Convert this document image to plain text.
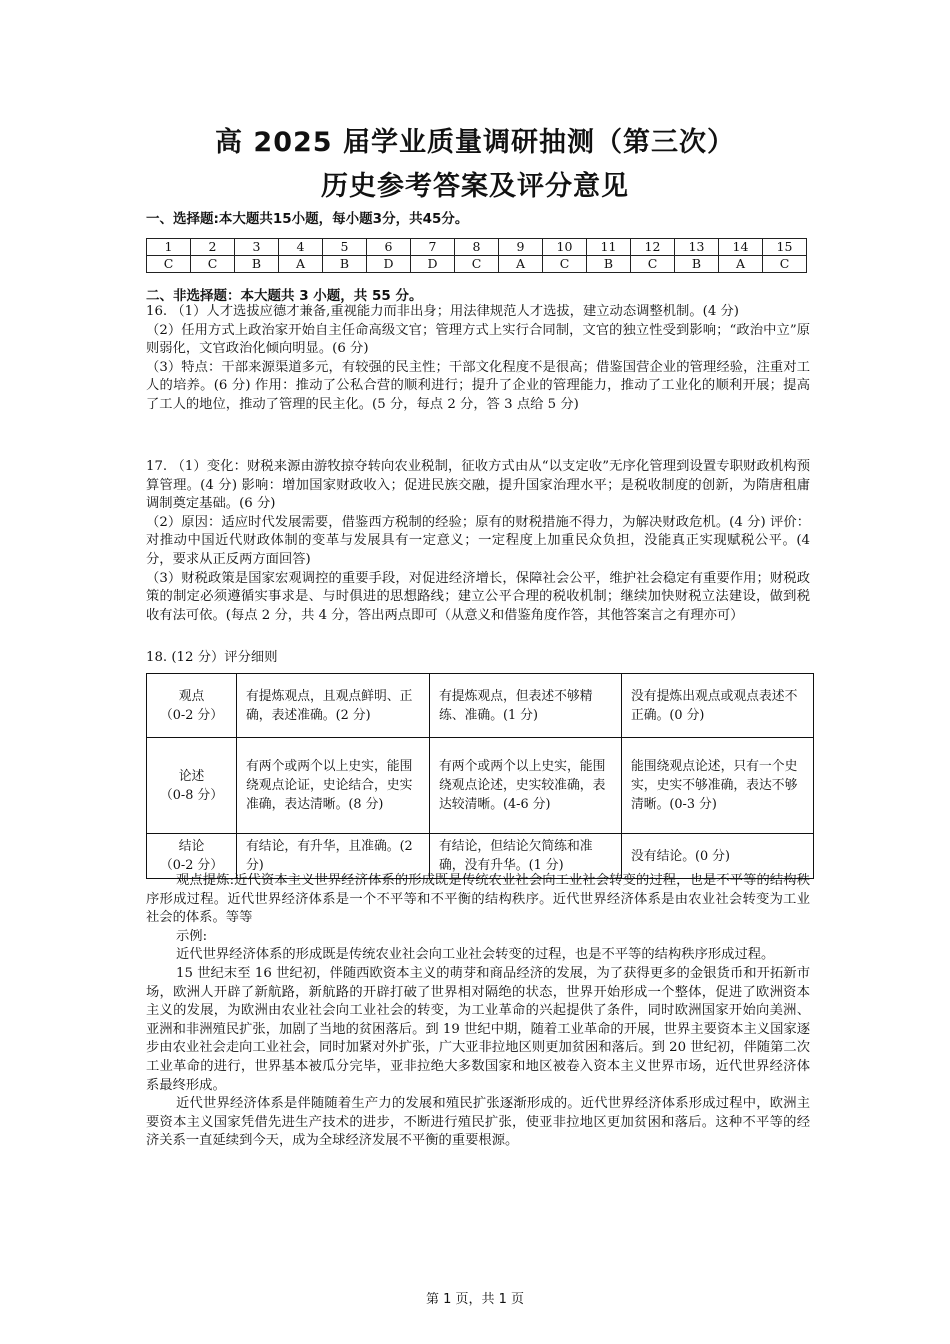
高 2025 届学业质量调研抽测（第三次）
历史参考答案及评分意见
一、选择题:本大题共15小题，每小题3分，共45分。
1	2	3	4	5	6	7	8	9	10	11	12	13	14	15
C	C	B	A	B	D	D	C	A	C	B	C	B	A	C
二、非选择题：本大题共 3 小题，共 55 分。
16. （1）人才选拔应德才兼备,重视能力而非出身；用法律规范人才选拔，建立动态调整机制。(4 分)
（2）任用方式上政治家开始自主任命高级文官；管理方式上实行合同制，文官的独立性受到影响；“政治中立”原则弱化，文官政治化倾向明显。(6 分)
（3）特点：干部来源渠道多元，有较强的民主性；干部文化程度不是很高；借鉴国营企业的管理经验，注重对工人的培养。(6 分) 作用：推动了公私合营的顺利进行；提升了企业的管理能力，推动了工业化的顺利开展；提高了工人的地位，推动了管理的民主化。(5 分，每点 2 分，答 3 点给 5 分)
17. （1）变化：财税来源由游牧掠夺转向农业税制，征收方式由从“以支定收”无序化管理到设置专职财政机构预算管理。(4 分) 影响：增加国家财政收入；促进民族交融，提升国家治理水平；是税收制度的创新，为隋唐租庸调制奠定基础。(6 分)
（2）原因：适应时代发展需要，借鉴西方税制的经验；原有的财税措施不得力，为解决财政危机。(4 分) 评价：对推动中国近代财政体制的变革与发展具有一定意义；一定程度上加重民众负担，没能真正实现赋税公平。(4 分，要求从正反两方面回答)
（3）财税政策是国家宏观调控的重要手段，对促进经济增长，保障社会公平，维护社会稳定有重要作用；财税政策的制定必须遵循实事求是、与时俱进的思想路线；建立公平合理的税收机制；继续加快财税立法建设，做到税收有法可依。(每点 2 分，共 4 分，答出两点即可（从意义和借鉴角度作答，其他答案言之有理亦可）
18. (12 分）评分细则
观点
（0-2 分）	有提炼观点，且观点鲜明、正确，表述准确。(2 分)	有提炼观点，但表述不够精练、准确。(1 分)	没有提炼出观点或观点表述不正确。(0 分)

论述
（0-8 分）	有两个或两个以上史实，能围绕观点论证，史论结合，史实准确，表达清晰。(8 分)	有两个或两个以上史实，能围绕观点论述，史实较准确，表达较清晰。(4-6 分)	能围绕观点论述，只有一个史实，史实不够准确，表达不够清晰。(0-3 分)

结论
（0-2 分）	有结论，有升华，且准确。(2 分)	有结论，但结论欠简练和准确，没有升华。(1 分)	没有结论。(0 分)
观点提炼:近代资本主义世界经济体系的形成既是传统农业社会向工业社会转变的过程，也是不平等的结构秩序形成过程。近代世界经济体系是一个不平等和不平衡的结构秩序。近代世界经济体系是由农业社会转变为工业社会的体系。等等
示例:
近代世界经济体系的形成既是传统农业社会向工业社会转变的过程，也是不平等的结构秩序形成过程。
15 世纪末至 16 世纪初，伴随西欧资本主义的萌芽和商品经济的发展，为了获得更多的金银货币和开拓新市场，欧洲人开辟了新航路，新航路的开辟打破了世界相对隔绝的状态，世界开始形成一个整体，促进了欧洲资本主义的发展，为欧洲由农业社会向工业社会的转变，为工业革命的兴起提供了条件，同时欧洲国家开始向美洲、亚洲和非洲殖民扩张，加剧了当地的贫困落后。到 19 世纪中期，随着工业革命的开展，世界主要资本主义国家逐步由农业社会走向工业社会，同时加紧对外扩张，广大亚非拉地区则更加贫困和落后。到 20 世纪初，伴随第二次工业革命的进行，世界基本被瓜分完毕，亚非拉绝大多数国家和地区被卷入资本主义世界市场，近代世界经济体系最终形成。
近代世界经济体系是伴随随着生产力的发展和殖民扩张逐渐形成的。近代世界经济体系形成过程中，欧洲主要资本主义国家凭借先进生产技术的进步，不断进行殖民扩张，使亚非拉地区更加贫困和落后。这种不平等的经济关系一直延续到今天，成为全球经济发展不平衡的重要根源。
第 1 页，共 1 页
